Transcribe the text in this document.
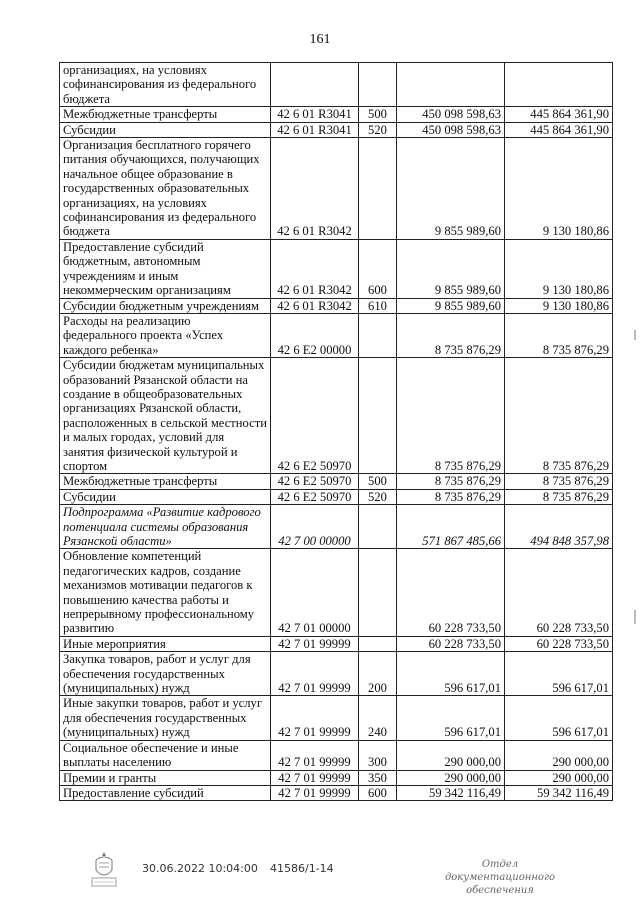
161
организациях, на условиях софинансирования из федерального бюджета				
Межбюджетные трансферты	42 6 01 R3041	500	450 098 598,63	445 864 361,90
Субсидии	42 6 01 R3041	520	450 098 598,63	445 864 361,90
Организация бесплатного горячего питания обучающихся, получающих начальное общее образование в государственных образовательных организациях, на условиях софинансирования из федерального бюджета	42 6 01 R3042		9 855 989,60	9 130 180,86
Предоставление субсидий бюджетным, автономным учреждениям и иным некоммерческим организациям	42 6 01 R3042	600	9 855 989,60	9 130 180,86
Субсидии бюджетным учреждениям	42 6 01 R3042	610	9 855 989,60	9 130 180,86
Расходы на реализацию федерального проекта «Успех каждого ребенка»	42 6 E2 00000		8 735 876,29	8 735 876,29
Субсидии бюджетам муниципальных образований Рязанской области на создание в общеобразовательных организациях Рязанской области, расположенных в сельской местности и малых городах, условий для занятия физической культурой и спортом	42 6 E2 50970		8 735 876,29	8 735 876,29
Межбюджетные трансферты	42 6 E2 50970	500	8 735 876,29	8 735 876,29
Субсидии	42 6 E2 50970	520	8 735 876,29	8 735 876,29
Подпрограмма «Развитие кадрового потенциала системы образования Рязанской области»	42 7 00 00000		571 867 485,66	494 848 357,98
Обновление компетенций педагогических кадров, создание механизмов мотивации педагогов к повышению качества работы и непрерывному профессиональному развитию	42 7 01 00000		60 228 733,50	60 228 733,50
Иные мероприятия	42 7 01 99999		60 228 733,50	60 228 733,50
Закупка товаров, работ и услуг для обеспечения государственных (муниципальных) нужд	42 7 01 99999	200	596 617,01	596 617,01
Иные закупки товаров, работ и услуг для обеспечения государственных (муниципальных) нужд	42 7 01 99999	240	596 617,01	596 617,01
Социальное обеспечение и иные выплаты населению	42 7 01 99999	300	290 000,00	290 000,00
Премии и гранты	42 7 01 99999	350	290 000,00	290 000,00
Предоставление субсидий	42 7 01 99999	600	59 342 116,49	59 342 116,49
30.06.2022 10:04:00 41586/1-14	Отдел документационного
обеспечения
